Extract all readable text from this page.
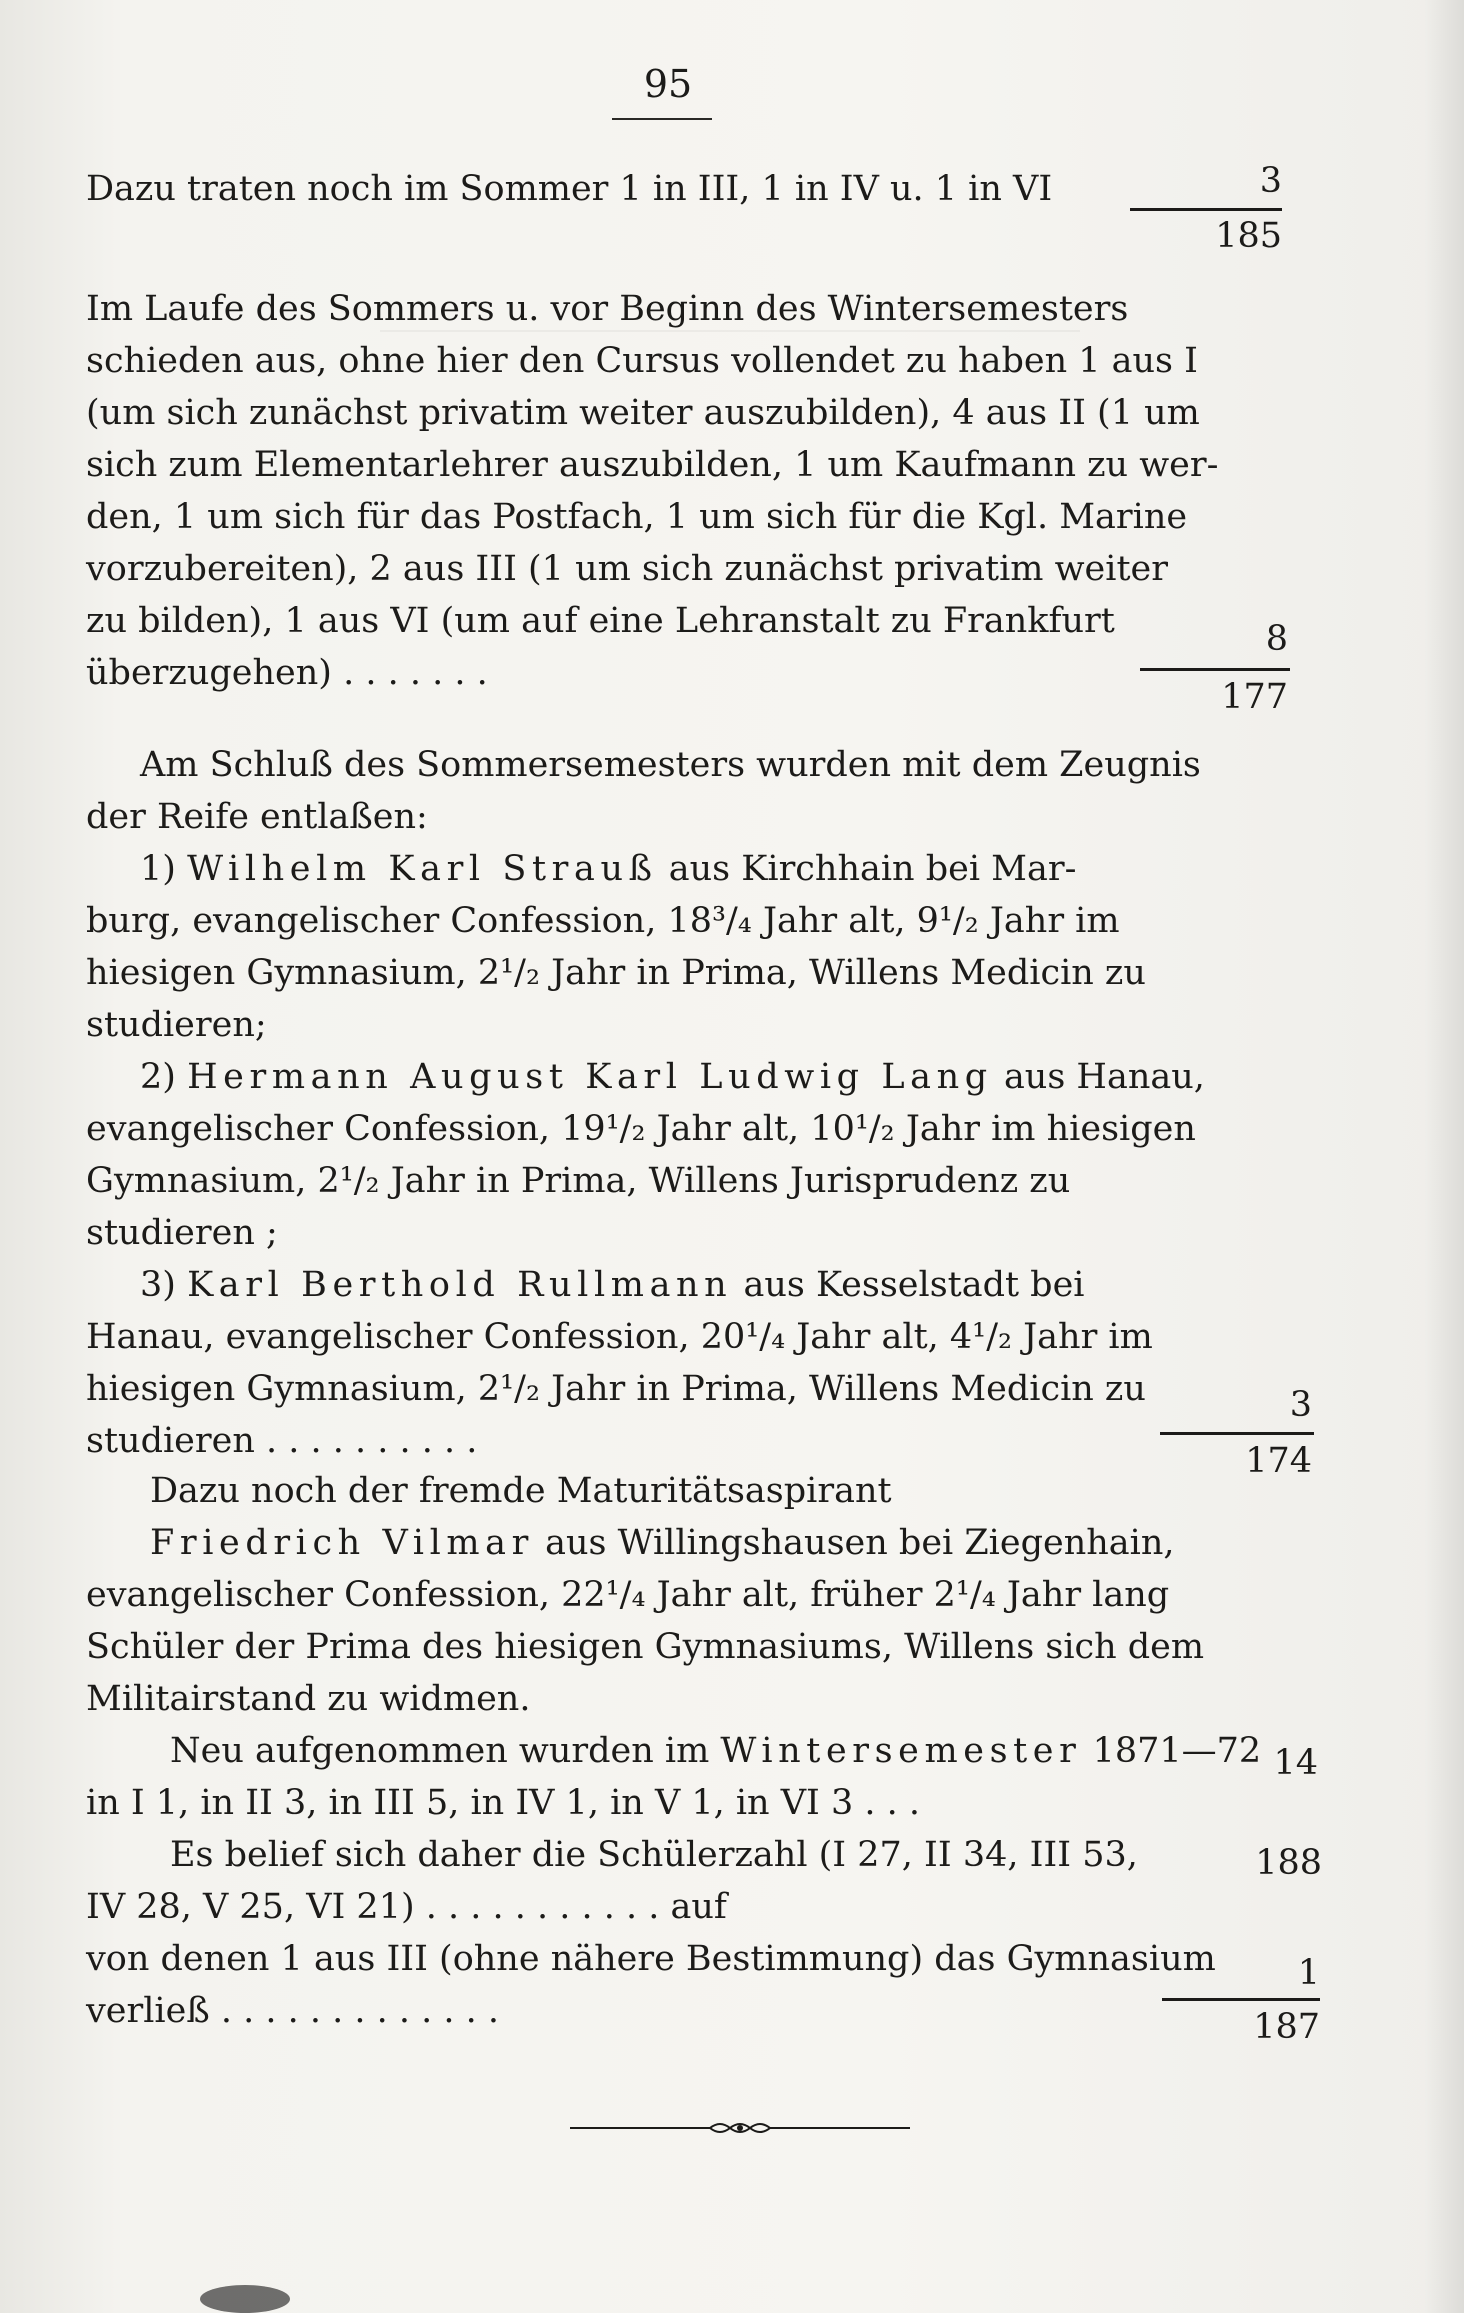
95
Dazu traten noch im Sommer 1 in III, 1 in IV u. 1 in VI	3
185
Im Laufe des Sommers u. vor Beginn des Wintersemesters
schieden aus, ohne hier den Cursus vollendet zu haben 1 aus I
(um sich zunächst privatim weiter auszubilden), 4 aus II (1 um
sich zum Elementarlehrer auszubilden, 1 um Kaufmann zu wer-
den, 1 um sich für das Postfach, 1 um sich für die Kgl. Marine
vorzubereiten), 2 aus III (1 um sich zunächst privatim weiter
zu bilden), 1 aus VI (um auf eine Lehranstalt zu Frankfurt
überzugehen) . . . . . . .
8
177
Am Schluß des Sommersemesters wurden mit dem Zeugnis
der Reife entlaßen:
1) Wilhelm Karl Strauß aus Kirchhain bei Mar-
burg, evangelischer Confession, 18³/₄ Jahr alt, 9¹/₂ Jahr im
hiesigen Gymnasium, 2¹/₂ Jahr in Prima, Willens Medicin zu
studieren;
2) Hermann August Karl Ludwig Lang aus Hanau,
evangelischer Confession, 19¹/₂ Jahr alt, 10¹/₂ Jahr im hiesigen
Gymnasium, 2¹/₂ Jahr in Prima, Willens Jurisprudenz zu
studieren ;
3) Karl Berthold Rullmann aus Kesselstadt bei
Hanau, evangelischer Confession, 20¹/₄ Jahr alt, 4¹/₂ Jahr im
hiesigen Gymnasium, 2¹/₂ Jahr in Prima, Willens Medicin zu
studieren . . . . . . . . . .
3
174
Dazu noch der fremde Maturitätsaspirant
Friedrich Vilmar aus Willingshausen bei Ziegenhain,
evangelischer Confession, 22¹/₄ Jahr alt, früher 2¹/₄ Jahr lang
Schüler der Prima des hiesigen Gymnasiums, Willens sich dem
Militairstand zu widmen.
Neu aufgenommen wurden im Wintersemester 1871—72
in I 1, in II 3, in III 5, in IV 1, in V 1, in VI 3 . . .
14
Es belief sich daher die Schülerzahl (I 27, II 34, III 53,
IV 28, V 25, VI 21) . . . . . . . . . . . auf
188
von denen 1 aus III (ohne nähere Bestimmung) das Gymnasium
verließ . . . . . . . . . . . . .
1
187
